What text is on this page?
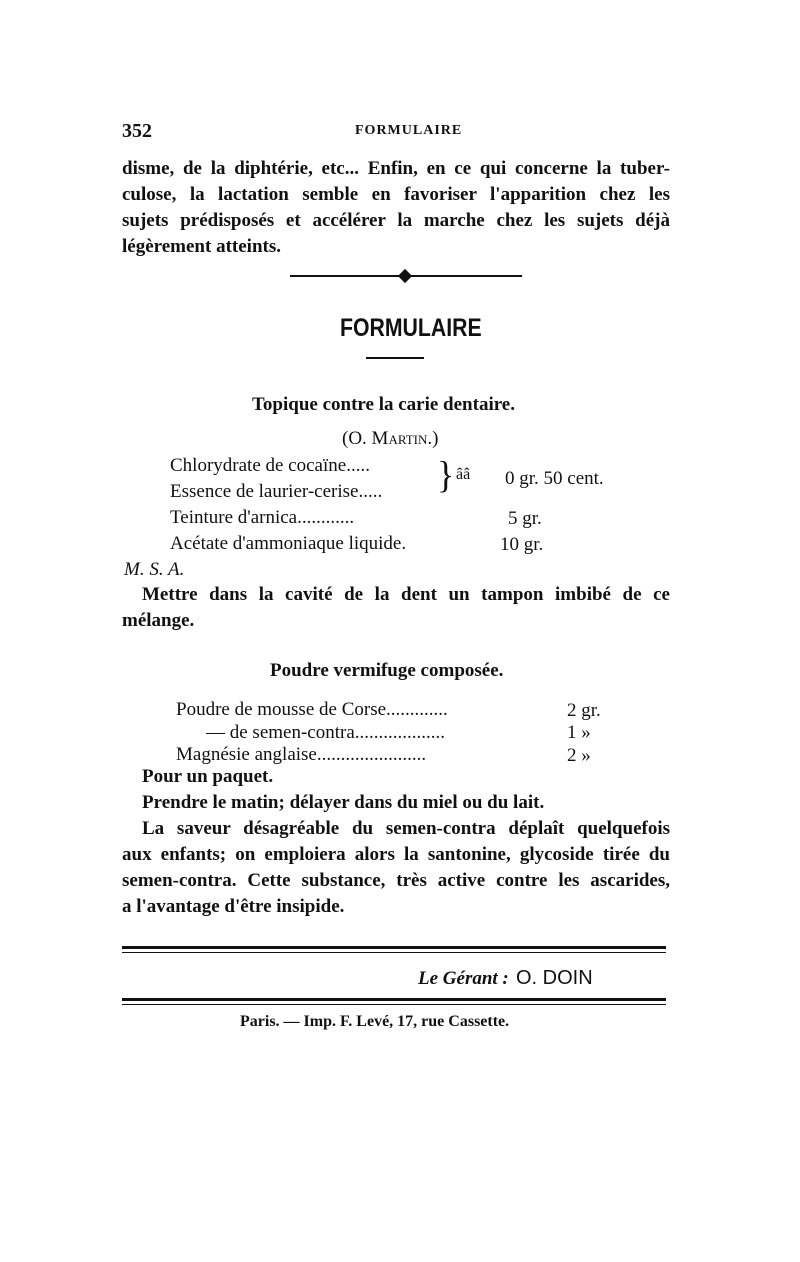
352	FORMULAIRE
disme, de la diphtérie, etc... Enfin, en ce qui concerne la tuber-
culose, la lactation semble en favoriser l'apparition chez les
sujets prédisposés et accélérer la marche chez les sujets déjà
légèrement atteints.
FORMULAIRE
Topique contre la carie dentaire.
(O. Martin.)
Chlorydrate de cocaïne.....
Essence de laurier-cerise..... } ââ 0 gr. 50 cent.
Teinture d'arnica............	5 gr.
Acétate d'ammoniaque liquide.	10 gr.
M. S. A.
Mettre dans la cavité de la dent un tampon imbibé de ce
mélange.
Poudre vermifuge composée.
Poudre de mousse de Corse.............	2 gr.
— de semen-contra...................	1 »
Magnésie anglaise.......................	2 »
Pour un paquet.
Prendre le matin; délayer dans du miel ou du lait.
La saveur désagréable du semen-contra déplaît quelquefois
aux enfants; on emploiera alors la santonine, glycoside tirée du
semen-contra. Cette substance, très active contre les ascarides,
a l'avantage d'être insipide.
Le Gérant : O. DOIN
Paris. — Imp. F. Levé, 17, rue Cassette.
